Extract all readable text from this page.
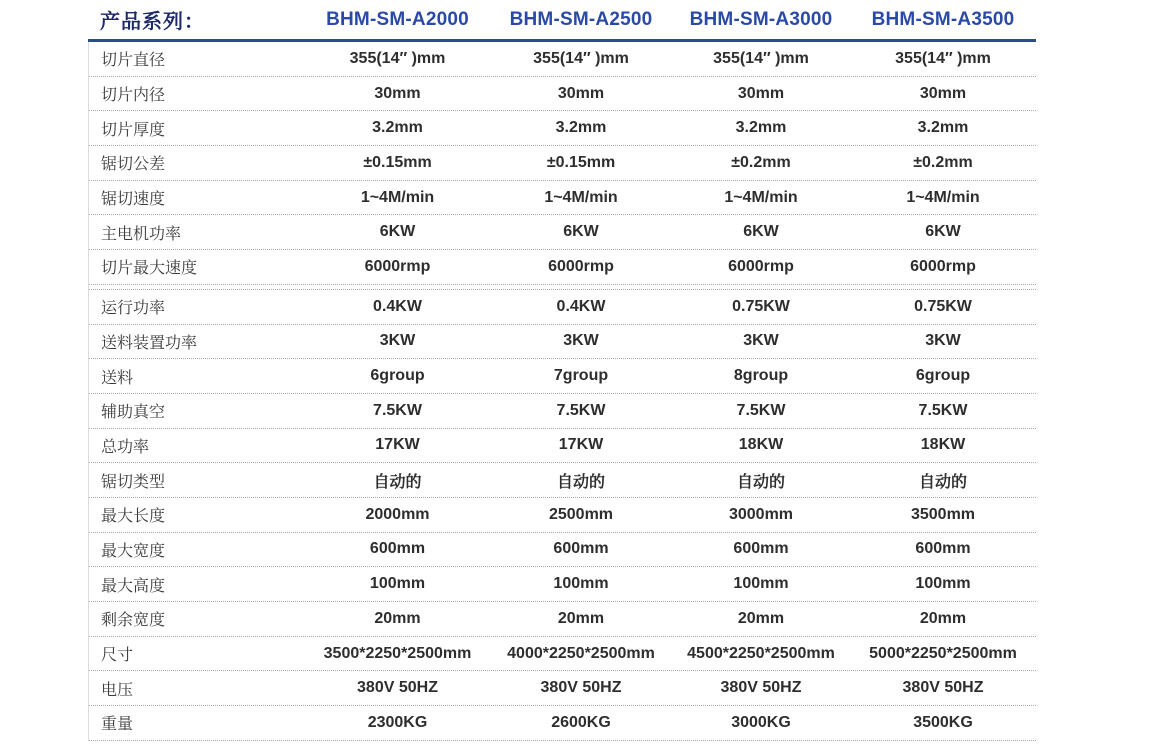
产品系列：	BHM-SM-A2000	BHM-SM-A2500	BHM-SM-A3000	BHM-SM-A3500
切片直径	355(14″ )mm	355(14″ )mm	355(14″ )mm	355(14″ )mm
切片内径	30mm	30mm	30mm	30mm
切片厚度	3.2mm	3.2mm	3.2mm	3.2mm
锯切公差	±0.15mm	±0.15mm	±0.2mm	±0.2mm
锯切速度	1~4M/min	1~4M/min	1~4M/min	1~4M/min
主电机功率	6KW	6KW	6KW	6KW
切片最大速度	6000rmp	6000rmp	6000rmp	6000rmp
运行功率	0.4KW	0.4KW	0.75KW	0.75KW
送料装置功率	3KW	3KW	3KW	3KW
送料	6group	7group	8group	6group
辅助真空	7.5KW	7.5KW	7.5KW	7.5KW
总功率	17KW	17KW	18KW	18KW
锯切类型	自动的	自动的	自动的	自动的
最大长度	2000mm	2500mm	3000mm	3500mm
最大宽度	600mm	600mm	600mm	600mm
最大高度	100mm	100mm	100mm	100mm
剩余宽度	20mm	20mm	20mm	20mm
尺寸	3500*2250*2500mm	4000*2250*2500mm	4500*2250*2500mm	5000*2250*2500mm
电压	380V 50HZ	380V 50HZ	380V 50HZ	380V 50HZ
重量	2300KG	2600KG	3000KG	3500KG
